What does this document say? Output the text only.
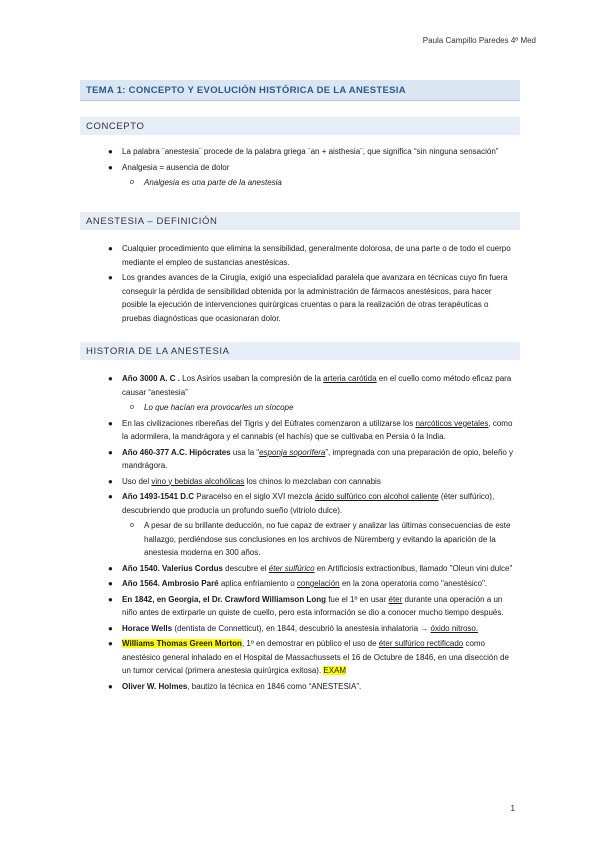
Paula Campillo Paredes 4º Med
TEMA 1: CONCEPTO Y EVOLUCIÓN HISTÓRICA DE LA ANESTESIA
CONCEPTO
● La palabra ¨anestesia¨ procede de la palabra griega ¨an + aisthesia¨, que significa “sin ninguna sensación”
● Analgesia = ausencia de dolor
o Analgesia es una parte de la anestesia
ANESTESIA – DEFINICIÓN
● Cualquier procedimiento que elimina la sensibilidad, generalmente dolorosa, de una parte o de todo el cuerpo mediante el empleo de sustancias anestésicas.
● Los grandes avances de la Cirugía, exigió una especialidad paralela que avanzara en técnicas cuyo fin fuera conseguir la pérdida de sensibilidad obtenida por la administración de fármacos anestésicos, para hacer posible la ejecución de intervenciones quirúrgicas cruentas o para la realización de otras terapéuticas o pruebas diagnósticas que ocasionaran dolor.
HISTORIA DE LA ANESTESIA
● Año 3000 A. C . Los Asirios usaban la compresión de la arteria carótida en el cuello como método eficaz para causar “anestesia”
o Lo que hacían era provocarles un síncope
● En las civilizaciones ribereñas del Tigris y del Eúfrates comenzaron a utilizarse los narcóticos vegetales, como la adormilera, la mandrágora y el cannabis (el hachís) que se cultivaba en Persia ó la India.
● Año 460-377 A.C. Hipócrates usa la “esponja soporífera”, impregnada con una preparación de opio, beleño y mandrágora.
● Uso del vino y bebidas alcohólicas los chinos lo mezclaban con cannabis
● Año 1493-1541 D.C Paracelso en el siglo XVI mezcla ácido sulfúrico con alcohol caliente (éter sulfúrico), descubriendo que producía un profundo sueño (vitriolo dulce).
o A pesar de su brillante deducción, no fue capaz de extraer y analizar las últimas consecuencias de este hallazgo, perdiéndose sus conclusiones en los archivos de Nüremberg y evitando la aparición de la anestesia moderna en 300 años.
● Año 1540. Valerius Cordus descubre el éter sulfúrico en Artificiosis extractionibus, llamado "Oleun vini dulce"
● Año 1564. Ambrosio Paré aplica enfriamiento o congelación en la zona operatoria como "anestésico".
● En 1842, en Georgia, el Dr. Crawford Williamson Long fue el 1º en usar éter durante una operación a un niño antes de extirparle un quiste de cuello, pero esta información se dio a conocer mucho tiempo después.
● Horace Wells (dentista de Connetticut), en 1844, descubrió la anestesia inhalatoria → óxido nitroso.
● Williams Thomas Green Morton, 1º en demostrar en público el uso de éter sulfúrico rectificado como anestésico general inhalado en el Hospital de Massachussets el 16 de Octubre de 1846, en una disección de un tumor cervical (primera anestesia quirúrgica exitosa). EXAM
● Oliver W. Holmes, bautizo la técnica en 1846 como “ANESTESIA”.
1
